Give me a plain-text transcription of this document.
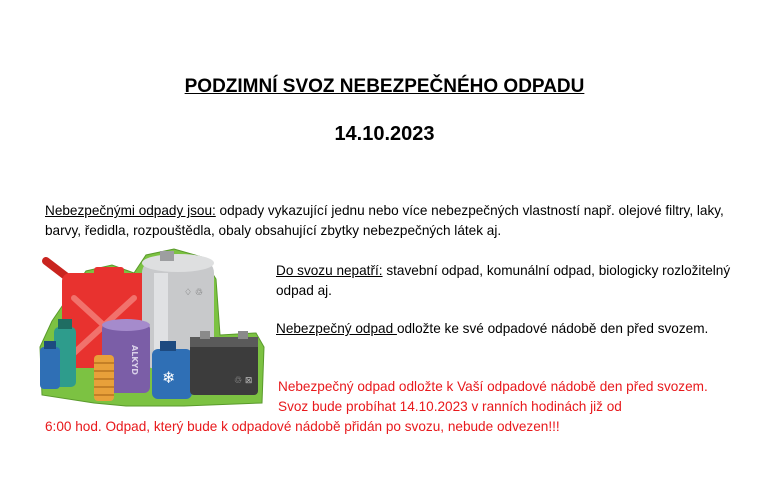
PODZIMNÍ SVOZ NEBEZPEČNÉHO ODPADU
14.10.2023
Nebezpečnými odpady jsou: odpady vykazující jednu nebo více nebezpečných vlastností např. olejové filtry, laky, barvy, ředidla, rozpouštědla, obaly obsahující zbytky nebezpečných látek aj.
♢ ♲
ALKYD
❄	♲ ⊠
Do svozu nepatří: stavební odpad, komunální odpad, biologicky rozložitelný odpad aj.
Nebezpečný odpad odložte ke své odpadové nádobě den před svozem.
Nebezpečný odpad odložte k Vaší odpadové nádobě den před svozem. Svoz bude probíhat 14.10.2023 v ranních hodinách již od
6:00 hod. Odpad, který bude k odpadové nádobě přidán po svozu, nebude odvezen!!!
